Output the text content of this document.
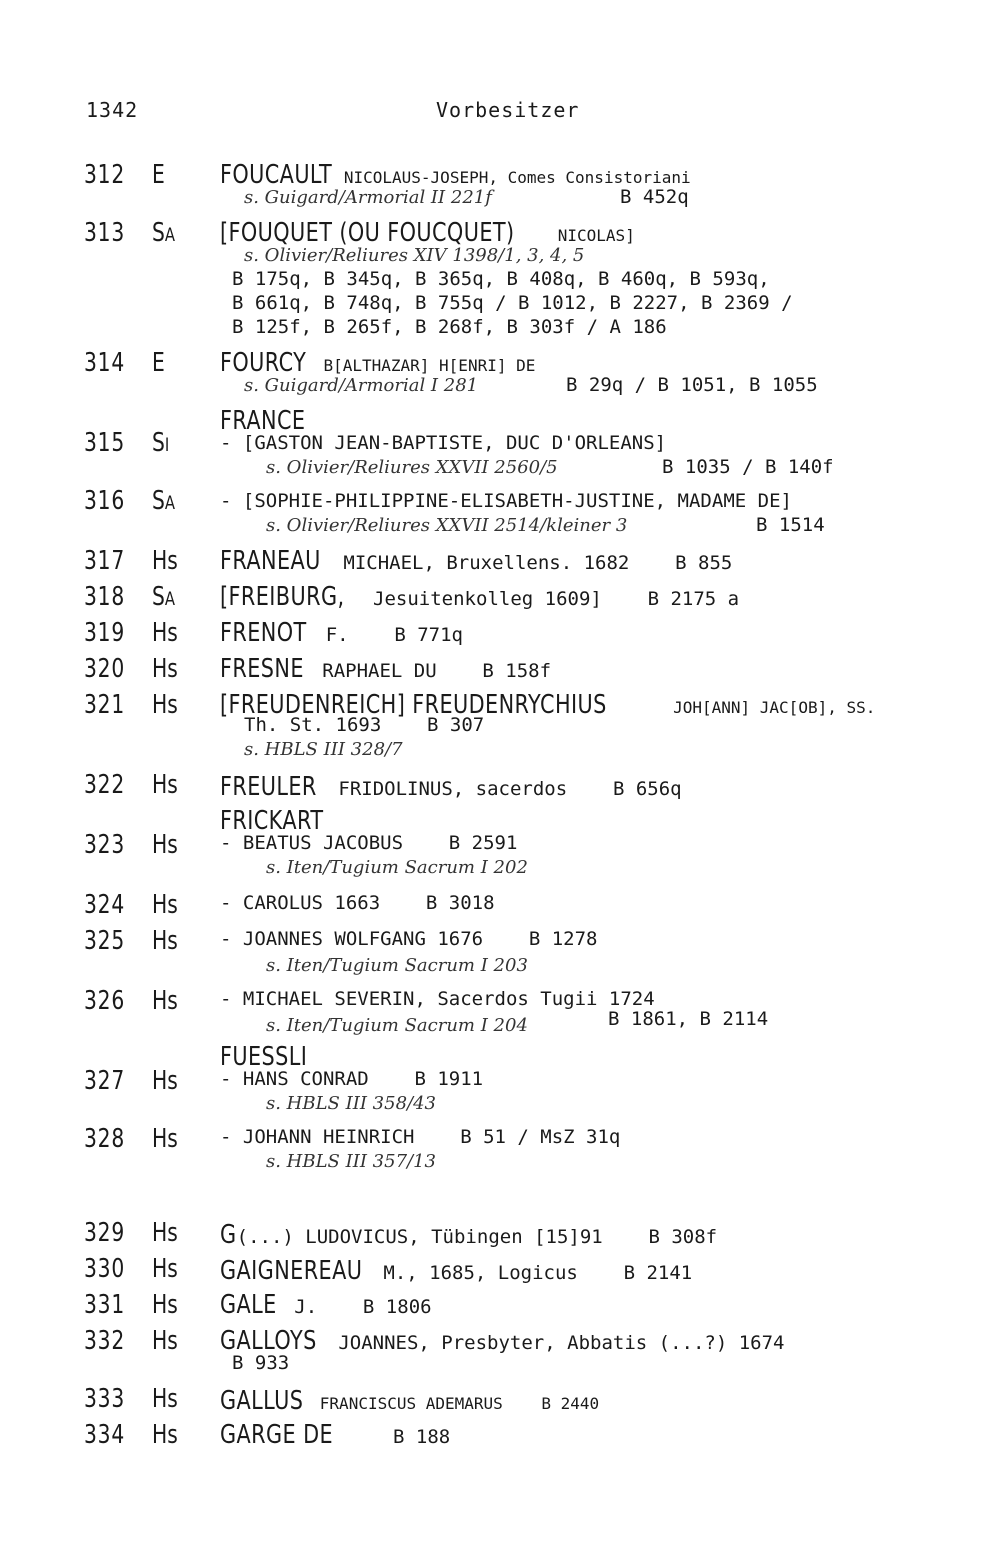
1342	Vorbesitzer
312 E FOUCAULT NICOLAUS-JOSEPH, Comes Consistoriani
s. Guigard/Armorial II 221f	B 452q
313 SA [FOUQUET (OU FOUCQUET) NICOLAS]
s. Olivier/Reliures XIV 1398/1, 3, 4, 5
B 175q, B 345q, B 365q, B 408q, B 460q, B 593q,
B 661q, B 748q, B 755q / B 1012, B 2227, B 2369 /
B 125f, B 265f, B 268f, B 303f / A 186
314 E FOURCY B[ALTHAZAR] H[ENRI] DE
s. Guigard/Armorial I 281	B 29q / B 1051, B 1055
FRANCE
315 SI	- [GASTON JEAN-BAPTISTE, DUC D'ORLEANS]
s. Olivier/Reliures XXVII 2560/5	B 1035 / B 140f
316 SA - [SOPHIE-PHILIPPINE-ELISABETH-JUSTINE, MADAME DE]
s. Olivier/Reliures XXVII 2514/kleiner 3	B 1514
317 Hs FRANEAU MICHAEL, Bruxellens. 1682    B 855
318 SA [FREIBURG, Jesuitenkolleg 1609]    B 2175 a
319 Hs FRENOT F.    B 771q
320 Hs FRESNE RAPHAEL DU    B 158f
321 Hs [FREUDENREICH] FREUDENRYCHIUS	JOH[ANN] JAC[OB], SS.
Th. St. 1693    B 307
s. HBLS III 328/7
322 Hs FREULER FRIDOLINUS, sacerdos    B 656q
FRICKART
323 Hs - BEATUS JACOBUS    B 2591
s. Iten/Tugium Sacrum I 202
324 Hs - CAROLUS 1663    B 3018
325 Hs - JOANNES WOLFGANG 1676    B 1278
s. Iten/Tugium Sacrum I 203
326 Hs - MICHAEL SEVERIN, Sacerdos Tugii 1724
s. Iten/Tugium Sacrum I 204	B 1861, B 2114
FUESSLI
327 Hs - HANS CONRAD    B 1911
s. HBLS III 358/43
328 Hs - JOHANN HEINRICH    B 51 / MsZ 31q
s. HBLS III 357/13
329 Hs G(...) LUDOVICUS, Tübingen [15]91    B 308f
330 Hs GAIGNEREAU M., 1685, Logicus    B 2141
331 Hs GALE J.    B 1806
332 Hs GALLOYS JOANNES, Presbyter, Abbatis (...?) 1674
B 933
333 Hs GALLUS FRANCISCUS ADEMARUS    B 2440
334 Hs GARGE DE    B 188
